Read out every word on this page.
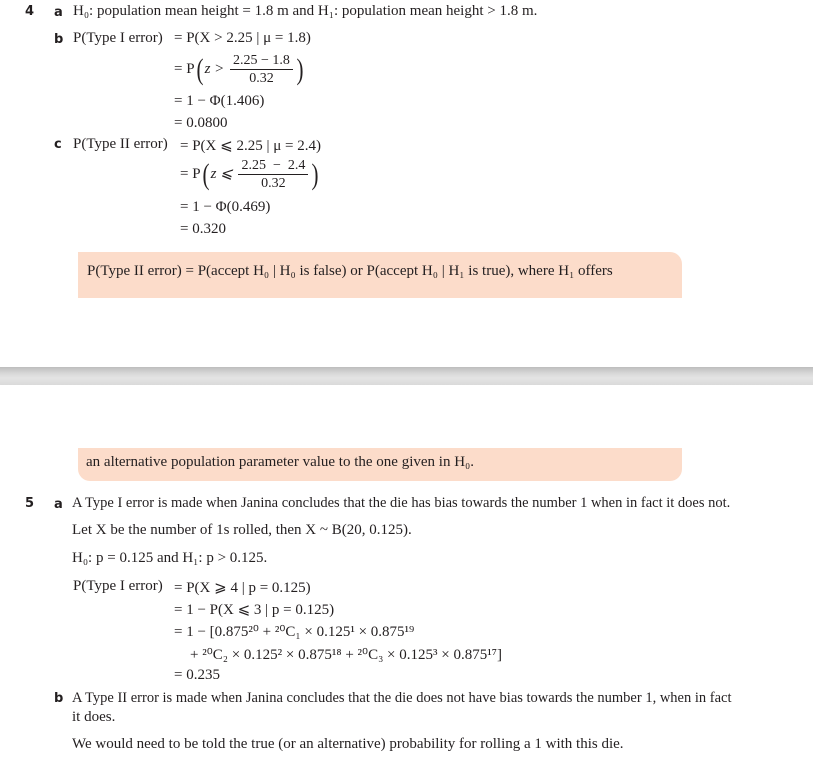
4 a H₀: population mean height = 1.8 m and H₁: population mean height > 1.8 m.
b P(Type I error) = P(X > 2.25 | μ = 1.8)
= P( $z > \frac{2.25 - 1.8}{0.32}$ )
= 1 − Φ(1.406)
= 0.0800
c P(Type II error) = P(X ⩽ 2.25 | μ = 2.4)
= P( z ⩽ $\frac{2.25 - 2.4}{0.32}$ )
= 1 − Φ(0.469)
= 0.320
P(Type II error) = P(accept H₀ | H₀ is false) or P(accept H₀ | H₁ is true), where H₁ offers
an alternative population parameter value to the one given in H₀.
5 a A Type I error is made when Janina concludes that the die has bias towards the number 1 when in fact it does not.
Let X be the number of 1s rolled, then X ~ B(20, 0.125).
H₀: p = 0.125 and H₁: p > 0.125.
P(Type I error) = P(X ⩾ 4 | p = 0.125)
= 1 − P(X ⩽ 3 | p = 0.125)
= 1 − [0.875²⁰ + ²⁰C₁ × 0.125¹ × 0.875¹⁹
+ ²⁰C₂ × 0.125² × 0.875¹⁸ + ²⁰C₃ × 0.125³ × 0.875¹⁷]
= 0.235
b A Type II error is made when Janina concludes that the die does not have bias towards the number 1, when in fact
it does.
We would need to be told the true (or an alternative) probability for rolling a 1 with this die.
